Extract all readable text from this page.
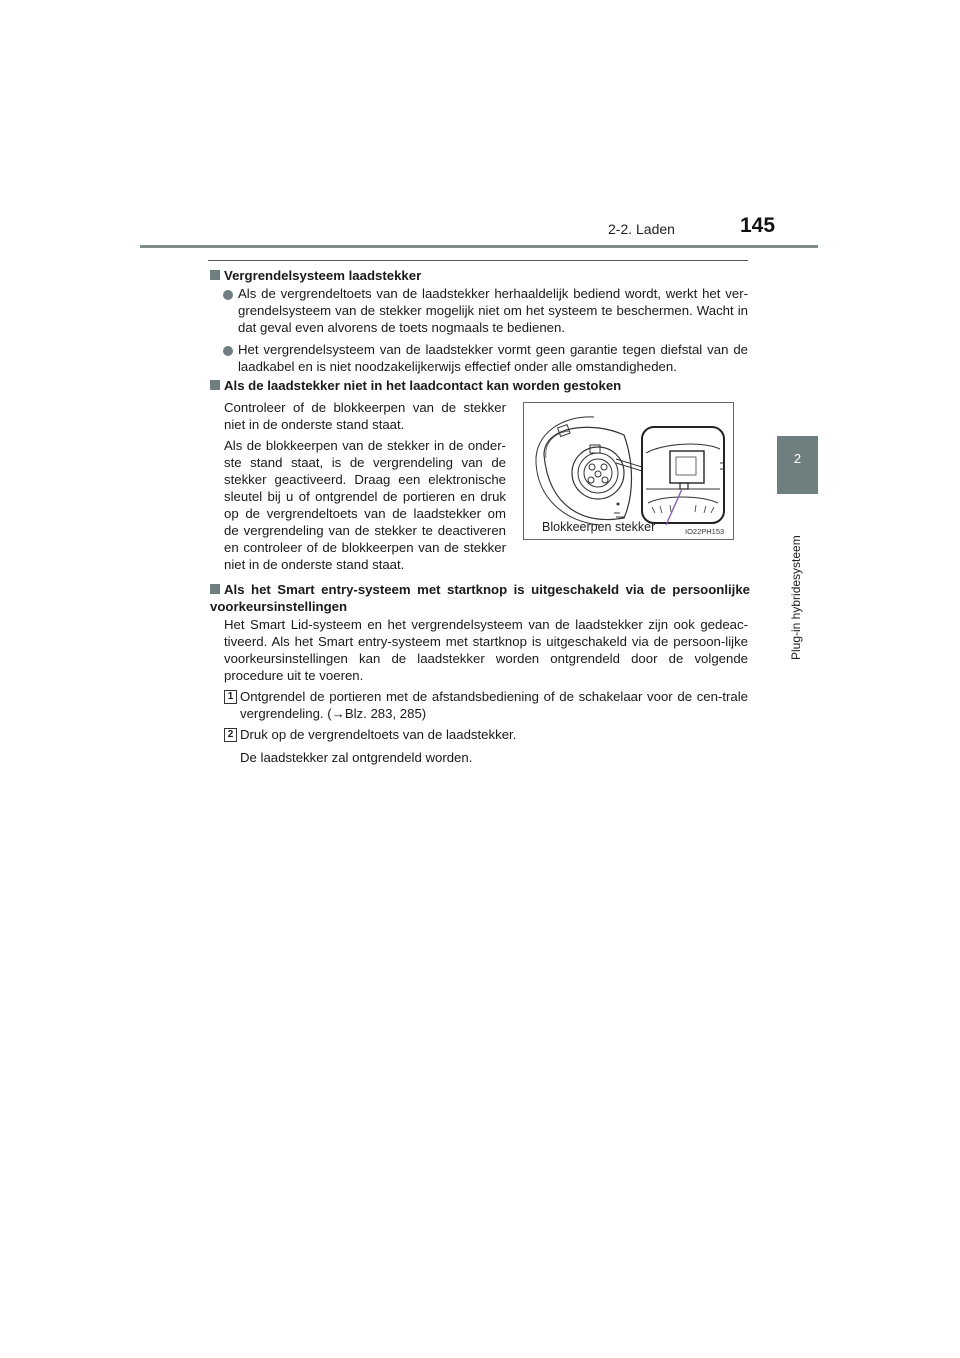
2-2. Laden	145
2
Plug-in hybridesysteem
Vergrendelsysteem laadstekker
Als de vergrendeltoets van de laadstekker herhaaldelijk bediend wordt, werkt het ver-grendelsysteem van de stekker mogelijk niet om het systeem te beschermen. Wacht in dat geval even alvorens de toets nogmaals te bedienen.
Het vergrendelsysteem van de laadstekker vormt geen garantie tegen diefstal van de laadkabel en is niet noodzakelijkerwijs effectief onder alle omstandigheden.
Als de laadstekker niet in het laadcontact kan worden gestoken
Controleer of de blokkeerpen van de stekker niet in de onderste stand staat.
Als de blokkeerpen van de stekker in de onder-ste stand staat, is de vergrendeling van de stekker geactiveerd. Draag een elektronische sleutel bij u of ontgrendel de portieren en druk op de vergrendeltoets van de laadstekker om de vergrendeling van de stekker te deactiveren en controleer of de blokkeerpen van de stekker niet in de onderste stand staat.
Blokkeerpen stekker	IO22PH153
Als het Smart entry-systeem met startknop is uitgeschakeld via de persoonlijke voorkeursinstellingen
Het Smart Lid-systeem en het vergrendelsysteem van de laadstekker zijn ook gedeac-tiveerd. Als het Smart entry-systeem met startknop is uitgeschakeld via de persoon-lijke voorkeursinstellingen kan de laadstekker worden ontgrendeld door de volgende procedure uit te voeren.
1 Ontgrendel de portieren met de afstandsbediening of de schakelaar voor de cen-trale vergrendeling. (→Blz. 283, 285)
2 Druk op de vergrendeltoets van de laadstekker.
De laadstekker zal ontgrendeld worden.
